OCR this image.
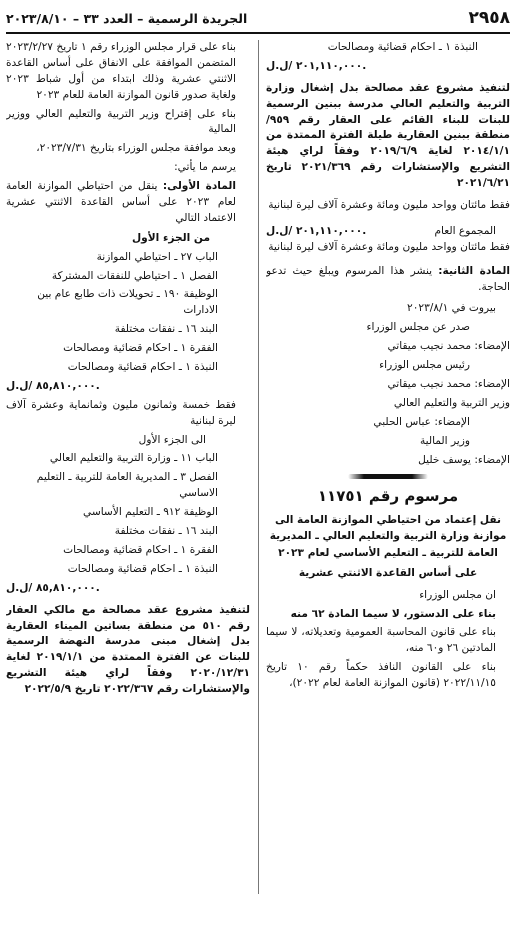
٢٩٥٨
الجريدة الرسمية – العدد ٣٣ – ٢٠٢٣/٨/١٠

النبذة ١ ـ احكام قضائية ومصالحات

٢٠١,١١٠,٠٠٠ /ل.ل.

لتنفيذ مشروع عقد مصالحة بدل إشغال وزارة التربية والتعليم العالي مدرسة ببنين الرسمية للبنات للبناء القائم على العقار رقم ٩٥٩/ منطقة ببنين العقارية طيلة الفترة الممتدة من ٢٠١٤/١/١ لغاية ٢٠١٩/٦/٩ وفقاً لراي هيئة التشريع والإستشارات رقم ٢٠٢١/٣٦٩ تاريخ ٢٠٢١/٦/٢١

فقط مائتان وواحد مليون ومائة وعشرة آلاف ليرة لبنانية

المجموع العام
٢٠١,١١٠,٠٠٠ /ل.ل.

فقط مائتان وواحد مليون ومائة وعشرة آلاف ليرة لبنانية

المادة الثانية: ينشر هذا المرسوم ويبلغ حيث تدعو الحاجة.

بيروت في ٢٠٢٣/٨/١

صدر عن مجلس الوزراء

الإمضاء: محمد نجيب ميقاتي

رئيس مجلس الوزراء

الإمضاء: محمد نجيب ميقاتي

وزير التربية والتعليم العالي

الإمضاء: عباس الحلبي

وزير المالية

الإمضاء: يوسف خليل

مرسوم رقم ١١٧٥١

نقل إعتماد من احتياطي الموازنة العامة الى موازنة وزارة التربية والتعليم العالي ـ المديرية العامة للتربية ـ التعليم الأساسي لعام ٢٠٢٣

على أساس القاعدة الاثنتي عشرية

ان مجلس الوزراء

بناء على الدستور، لا سيما المادة ٦٢ منه

بناء على قانون المحاسبة العمومية وتعديلاته، لا سيما المادتين ٢٦ و٦٠ منه،

بناء على القانون النافذ حكماً رقم ١٠ تاريخ ٢٠٢٢/١١/١٥ (قانون الموازنة العامة لعام ٢٠٢٢)،

بناء على قرار مجلس الوزراء رقم ١ تاريخ ٢٠٢٣/٢/٢٧ المتضمن الموافقة على الانفاق على أساس القاعدة الاثنتي عشرية وذلك ابتداء من أول شباط ٢٠٢٣ ولغاية صدور قانون الموازنة العامة للعام ٢٠٢٣

بناء على إقتراح وزير التربية والتعليم العالي ووزير المالية

وبعد موافقة مجلس الوزراء بتاريخ ٢٠٢٣/٧/٣١،

يرسم ما يأتي:

المادة الأولى: ينقل من احتياطي الموازنة العامة لعام ٢٠٢٣ على أساس القاعدة الاثنتي عشرية الاعتماد التالي

من الجزء الأول

الباب ٢٧ ـ احتياطي الموازنة

الفصل ١ ـ احتياطي للنفقات المشتركة

الوظيفة ١٩٠ ـ تحويلات ذات طابع عام بين الادارات

البند ١٦ ـ نفقات مختلفة

الفقرة ١ ـ احكام قضائية ومصالحات

النبذة ١ ـ احكام قضائية ومصالحات

٨٥,٨١٠,٠٠٠ /ل.ل.

فقط خمسة وثمانون مليون وثمانماية وعشرة آلاف ليرة لبنانية

الى الجزء الأول

الباب ١١ ـ وزارة التربية والتعليم العالي

الفصل ٣ ـ المديرية العامة للتربية ـ التعليم الاساسي

الوظيفة ٩١٢ ـ التعليم الأساسي

البند ١٦ ـ نفقات مختلفة

الفقرة ١ ـ احكام قضائية ومصالحات

النبذة ١ ـ احكام قضائية ومصالحات

٨٥,٨١٠,٠٠٠ /ل.ل.

لتنفيذ مشروع عقد مصالحة مع مالكي العقار رقم ٥١٠ من منطقة بساتين الميناء العقارية بدل إشغال مبنى مدرسة النهضة الرسمية للبنات عن الفترة الممتدة من ٢٠١٩/١/١ لغاية ٢٠٢٠/١٢/٣١ وفقاً لراي هيئة التشريع والإستشارات رقم ٢٠٢٢/٣٦٧ تاريخ ٢٠٢٢/٥/٩
